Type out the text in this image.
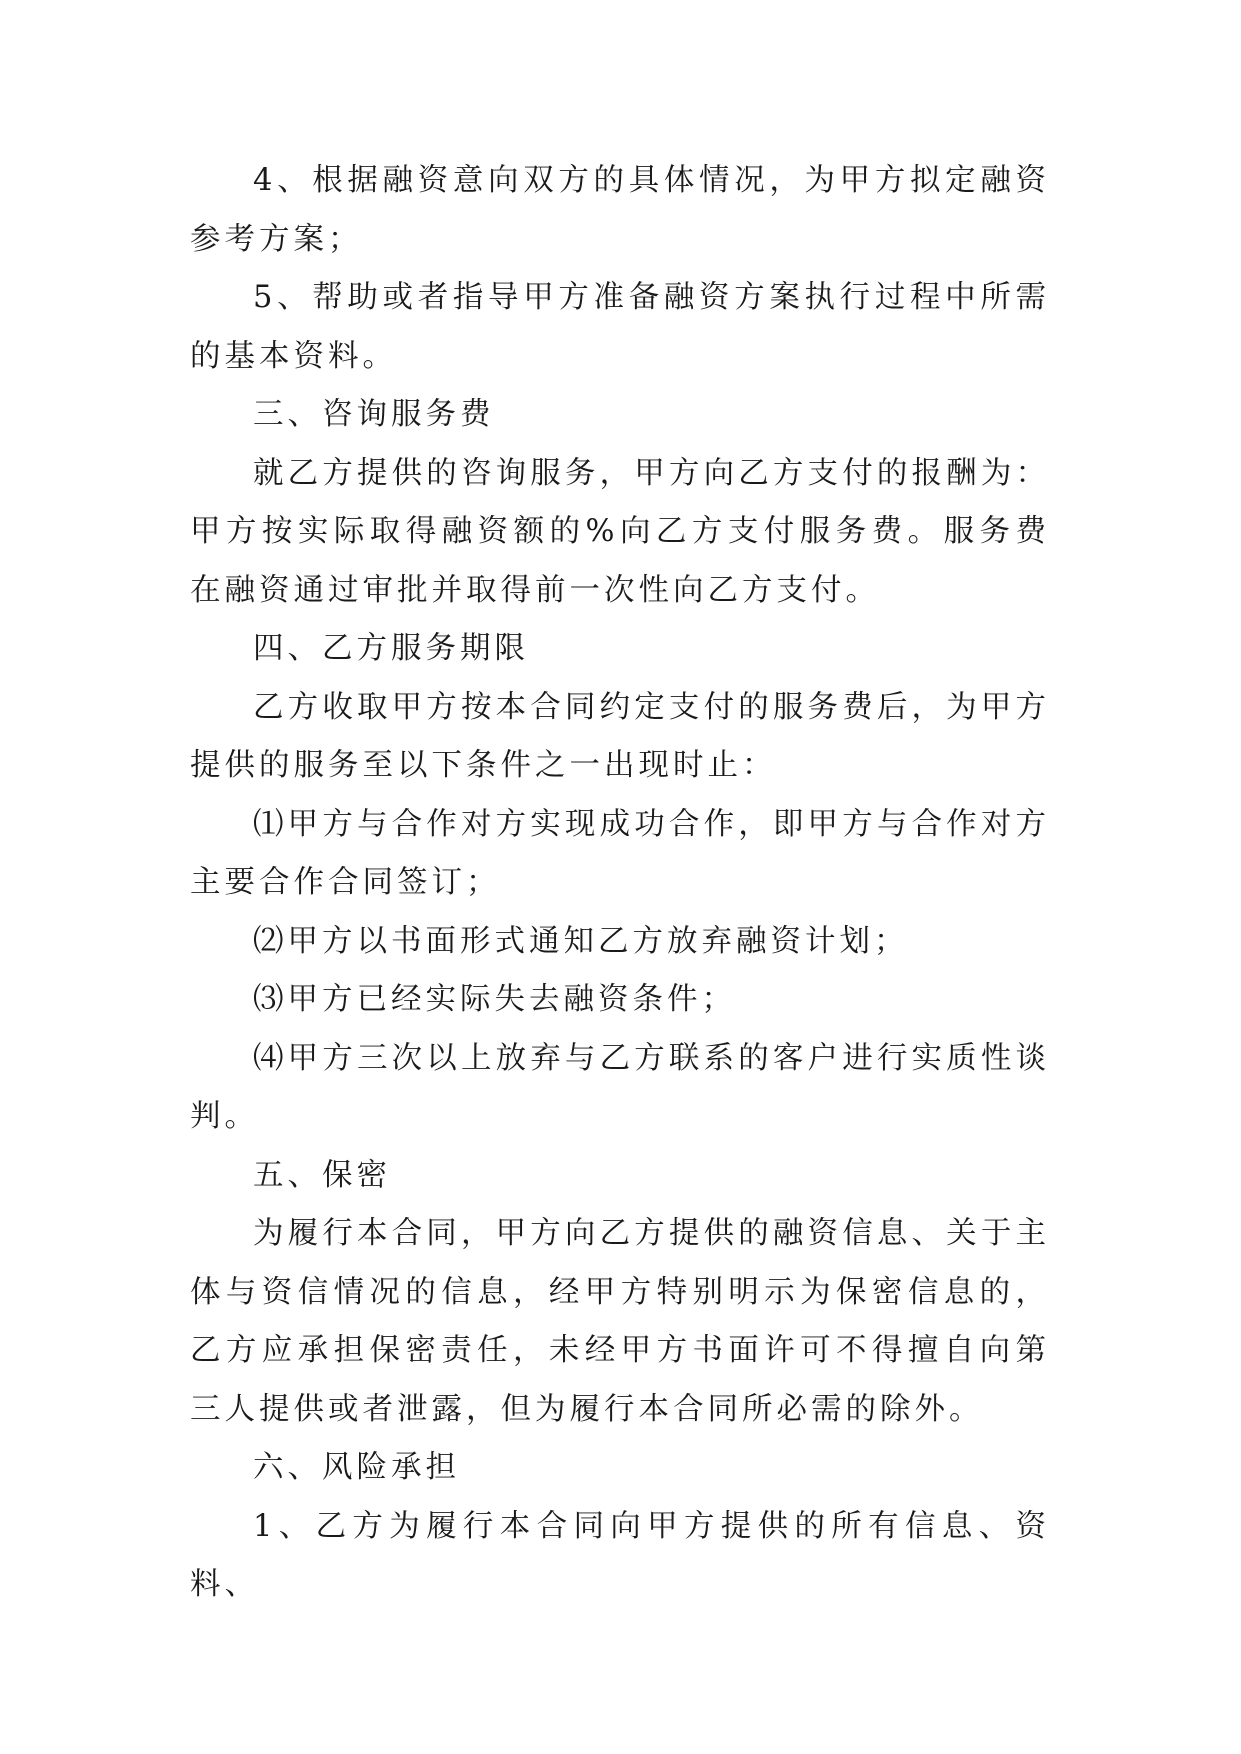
4、根据融资意向双方的具体情况，为甲方拟定融资参考方案；

5、帮助或者指导甲方准备融资方案执行过程中所需的基本资料。

三、咨询服务费

就乙方提供的咨询服务，甲方向乙方支付的报酬为：甲方按实际取得融资额的%向乙方支付服务费。服务费在融资通过审批并取得前一次性向乙方支付。

四、乙方服务期限

乙方收取甲方按本合同约定支付的服务费后，为甲方提供的服务至以下条件之一出现时止：

⑴甲方与合作对方实现成功合作，即甲方与合作对方主要合作合同签订；

⑵甲方以书面形式通知乙方放弃融资计划；

⑶甲方已经实际失去融资条件；

⑷甲方三次以上放弃与乙方联系的客户进行实质性谈判。

五、保密

为履行本合同，甲方向乙方提供的融资信息、关于主体与资信情况的信息，经甲方特别明示为保密信息的，乙方应承担保密责任，未经甲方书面许可不得擅自向第三人提供或者泄露，但为履行本合同所必需的除外。

六、风险承担

1、乙方为履行本合同向甲方提供的所有信息、资料、
